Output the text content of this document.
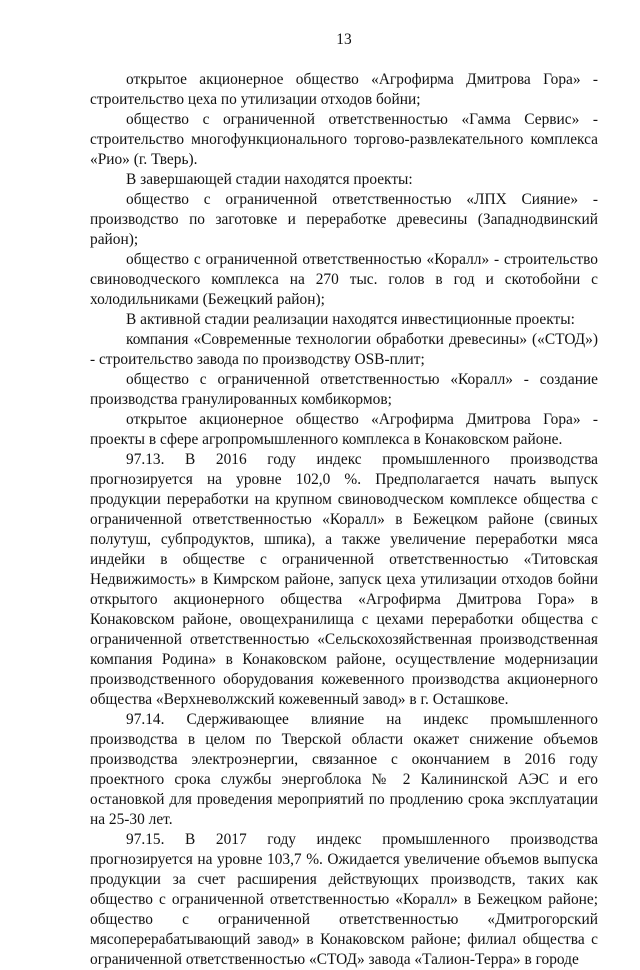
13

открытое акционерное общество «Агрофирма Дмитрова Гора» - строительство цеха по утилизации отходов бойни;

общество с ограниченной ответственностью «Гамма Сервис» - строительство многофункционального торгово-развлекательного комплекса «Рио» (г. Тверь).

В завершающей стадии находятся проекты:

общество с ограниченной ответственностью «ЛПХ Сияние» - производство по заготовке и переработке древесины (Западнодвинский район);

общество с ограниченной ответственностью «Коралл» - строительство свиноводческого комплекса на 270 тыс. голов в год и скотобойни с холодильниками (Бежецкий район);

В активной стадии реализации находятся инвестиционные проекты:

компания «Современные технологии обработки древесины» («СТОД») - строительство завода по производству OSB-плит;

общество с ограниченной ответственностью «Коралл» - создание производства гранулированных комбикормов;

открытое акционерное общество «Агрофирма Дмитрова Гора» - проекты в сфере агропромышленного комплекса в Конаковском районе.

97.13. В 2016 году индекс промышленного производства прогнозируется на уровне 102,0 %. Предполагается начать выпуск продукции переработки на крупном свиноводческом комплексе общества с ограниченной ответственностью «Коралл» в Бежецком районе (свиных полутуш, субпродуктов, шпика), а также увеличение переработки мяса индейки в обществе с ограниченной ответственностью «Титовская Недвижимость» в Кимрском районе, запуск цеха утилизации отходов бойни открытого акционерного общества «Агрофирма Дмитрова Гора» в Конаковском районе, овощехранилища с цехами переработки общества с ограниченной ответственностью «Сельскохозяйственная производственная компания Родина» в Конаковском районе, осуществление модернизации производственного оборудования кожевенного производства акционерного общества «Верхневолжский кожевенный завод» в г. Осташкове.

97.14. Сдерживающее влияние на индекс промышленного производства в целом по Тверской области окажет снижение объемов производства электроэнергии, связанное с окончанием в 2016 году проектного срока службы энергоблока № 2 Калининской АЭС и его остановкой для проведения мероприятий по продлению срока эксплуатации на 25-30 лет.

97.15. В 2017 году индекс промышленного производства прогнозируется на уровне 103,7 %. Ожидается увеличение объемов выпуска продукции за счет расширения действующих производств, таких как общество с ограниченной ответственностью «Коралл» в Бежецком районе; общество с ограниченной ответственностью «Дмитрогорский мясоперерабатывающий завод» в Конаковском районе; филиал общества с ограниченной ответственностью «СТОД» завода «Талион-Терра» в городе
